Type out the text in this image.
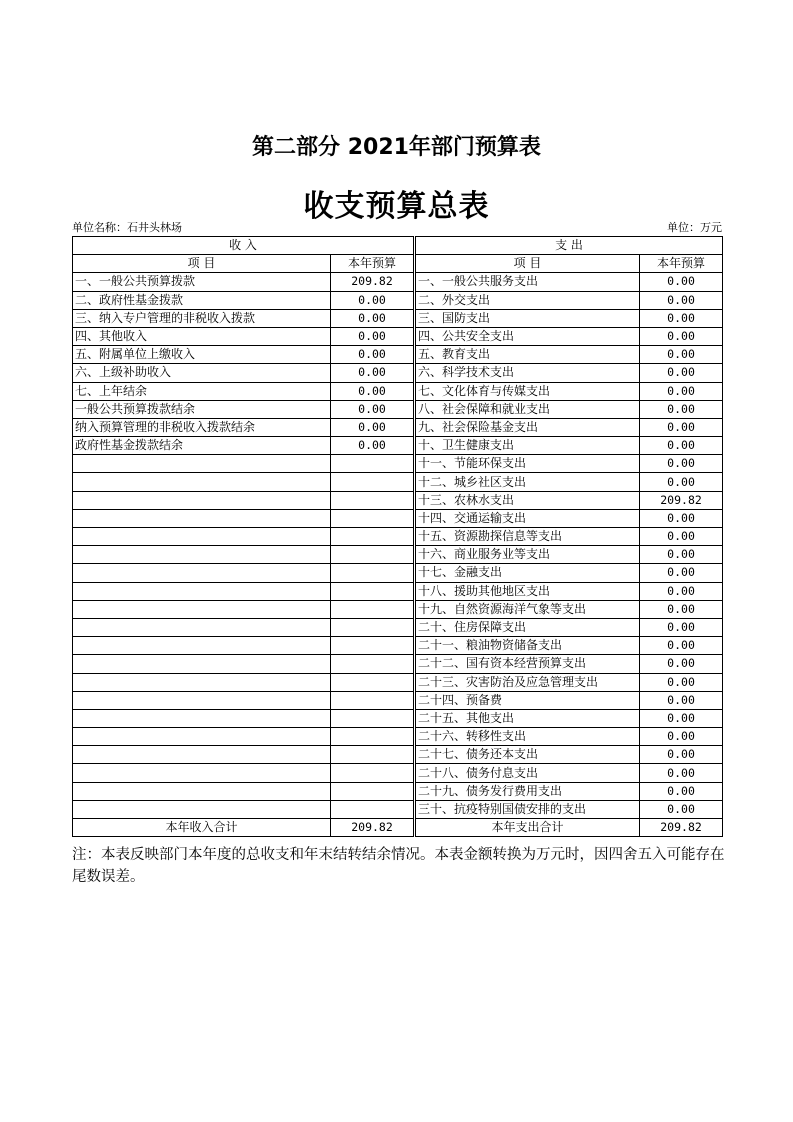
第二部分 2021年部门预算表
收支预算总表
单位名称：石井头林场	单位：万元
收 入			支 出	
项 目	本年预算		项 目	本年预算
一、一般公共预算拨款	209.82		一、一般公共服务支出	0.00
二、政府性基金拨款	0.00		二、外交支出	0.00
三、纳入专户管理的非税收入拨款	0.00		三、国防支出	0.00
四、其他收入	0.00		四、公共安全支出	0.00
五、附属单位上缴收入	0.00		五、教育支出	0.00
六、上级补助收入	0.00		六、科学技术支出	0.00
七、上年结余	0.00		七、文化体育与传媒支出	0.00
一般公共预算拨款结余	0.00		八、社会保障和就业支出	0.00
纳入预算管理的非税收入拨款结余	0.00		九、社会保险基金支出	0.00
政府性基金拨款结余	0.00		十、卫生健康支出	0.00
			十一、节能环保支出	0.00
			十二、城乡社区支出	0.00
			十三、农林水支出	209.82
			十四、交通运输支出	0.00
			十五、资源勘探信息等支出	0.00
			十六、商业服务业等支出	0.00
			十七、金融支出	0.00
			十八、援助其他地区支出	0.00
			十九、自然资源海洋气象等支出	0.00
			二十、住房保障支出	0.00
			二十一、粮油物资储备支出	0.00
			二十二、国有资本经营预算支出	0.00
			二十三、灾害防治及应急管理支出	0.00
			二十四、预备费	0.00
			二十五、其他支出	0.00
			二十六、转移性支出	0.00
			二十七、债务还本支出	0.00
			二十八、债务付息支出	0.00
			二十九、债务发行费用支出	0.00
			三十、抗疫特别国债安排的支出	0.00
本年收入合计	209.82		本年支出合计	209.82
注：本表反映部门本年度的总收支和年末结转结余情况。本表金额转换为万元时，因四舍五入可能存在尾数误差。
